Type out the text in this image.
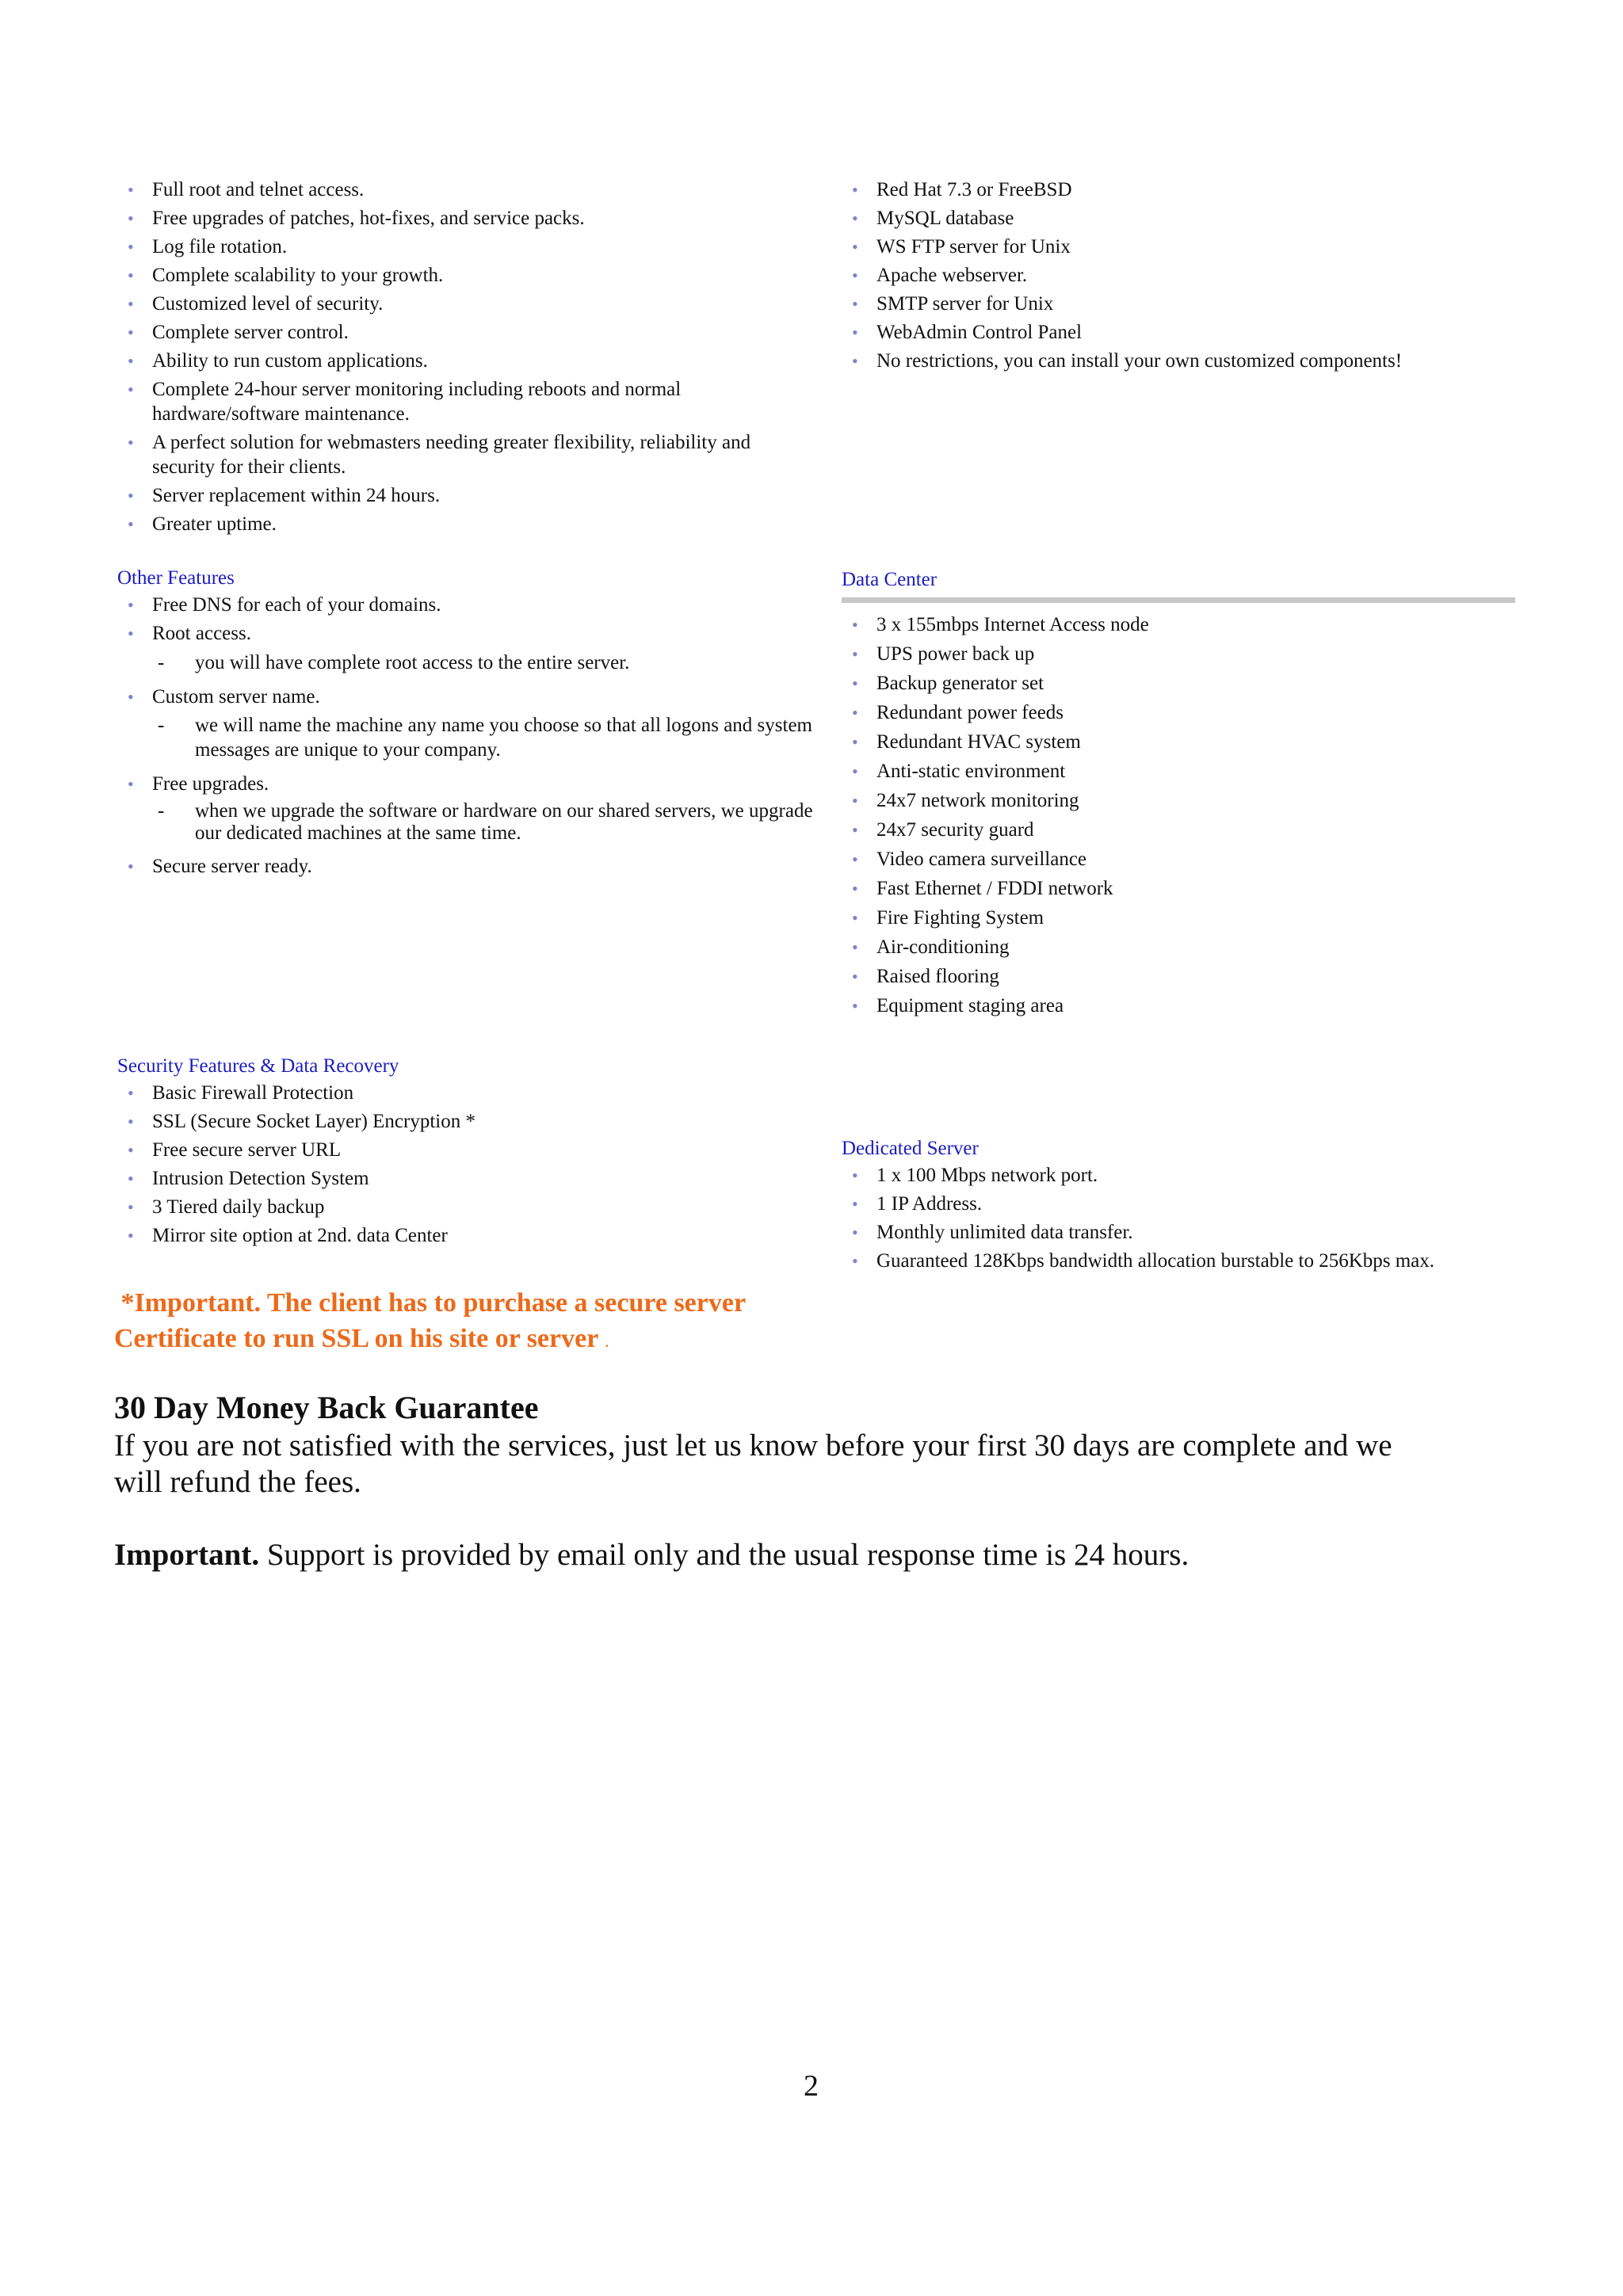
• Full root and telnet access.
• Free upgrades of patches, hot-fixes, and service packs.
• Log file rotation.
• Complete scalability to your growth.
• Customized level of security.
• Complete server control.
• Ability to run custom applications.
• Complete 24-hour server monitoring including reboots and normal hardware/software maintenance.
• A perfect solution for webmasters needing greater flexibility, reliability and security for their clients.
• Server replacement within 24 hours.
• Greater uptime.
• Red Hat 7.3 or FreeBSD
• MySQL database
• WS FTP server for Unix
• Apache webserver.
• SMTP server for Unix
• WebAdmin Control Panel
• No restrictions, you can install your own customized components!
Other Features
• Free DNS for each of your domains.
• Root access.
- you will have complete root access to the entire server.
• Custom server name.
- we will name the machine any name you choose so that all logons and system messages are unique to your company.
• Free upgrades.
- when we upgrade the software or hardware on our shared servers, we upgrade our dedicated machines at the same time.
• Secure server ready.
Data Center
• 3 x 155mbps Internet Access node
• UPS power back up
• Backup generator set
• Redundant power feeds
• Redundant HVAC system
• Anti-static environment
• 24x7 network monitoring
• 24x7 security guard
• Video camera surveillance
• Fast Ethernet / FDDI network
• Fire Fighting System
• Air-conditioning
• Raised flooring
• Equipment staging area
Security Features & Data Recovery
• Basic Firewall Protection
• SSL (Secure Socket Layer) Encryption *
• Free secure server URL
• Intrusion Detection System
• 3 Tiered daily backup
• Mirror site option at 2nd. data Center
Dedicated Server
• 1 x 100 Mbps network port.
• 1 IP Address.
• Monthly unlimited data transfer.
• Guaranteed 128Kbps bandwidth allocation burstable to 256Kbps max.
*Important. The client has to purchase a secure server
Certificate to run SSL on his site or server .
30 Day Money Back Guarantee

If you are not satisfied with the services, just let us know before your first 30 days are complete and we will refund the fees.

Important. Support is provided by email only and the usual response time is 24 hours.
2
